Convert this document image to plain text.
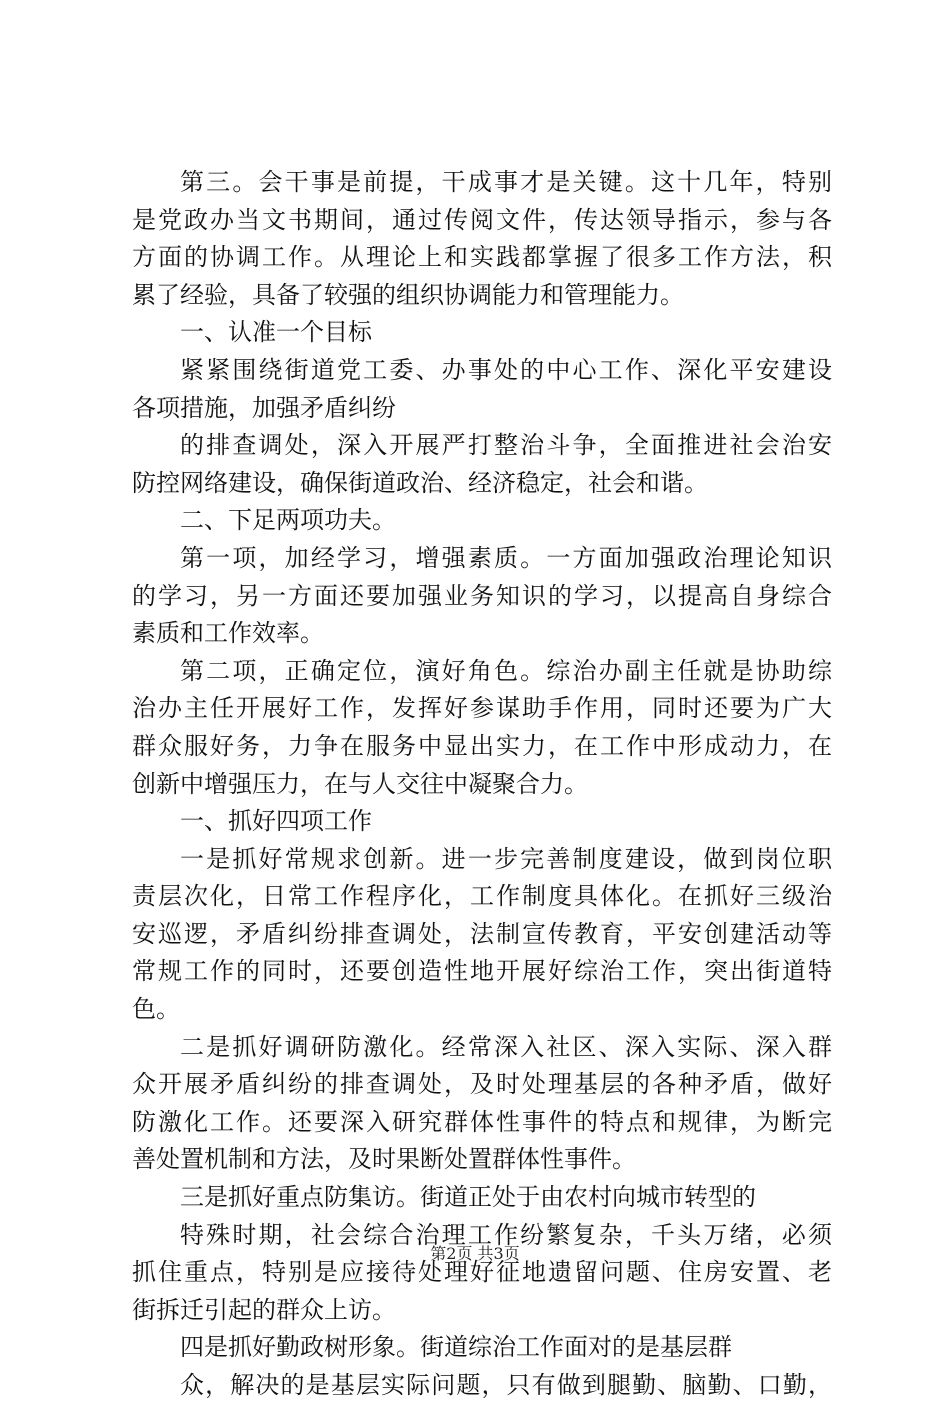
第三。会干事是前提，干成事才是关键。这十几年，特别
是党政办当文书期间，通过传阅文件，传达领导指示，参与各
方面的协调工作。从理论上和实践都掌握了很多工作方法，积
累了经验，具备了较强的组织协调能力和管理能力。
一、认准一个目标
紧紧围绕街道党工委、办事处的中心工作、深化平安建设
各项措施，加强矛盾纠纷
的排查调处，深入开展严打整治斗争，全面推进社会治安
防控网络建设，确保街道政治、经济稳定，社会和谐。
二、下足两项功夫。
第一项，加经学习，增强素质。一方面加强政治理论知识
的学习，另一方面还要加强业务知识的学习，以提高自身综合
素质和工作效率。
第二项，正确定位，演好角色。综治办副主任就是协助综
治办主任开展好工作，发挥好参谋助手作用，同时还要为广大
群众服好务，力争在服务中显出实力，在工作中形成动力，在
创新中增强压力，在与人交往中凝聚合力。
一、抓好四项工作
一是抓好常规求创新。进一步完善制度建设，做到岗位职
责层次化，日常工作程序化，工作制度具体化。在抓好三级治
安巡逻，矛盾纠纷排查调处，法制宣传教育，平安创建活动等
常规工作的同时，还要创造性地开展好综治工作，突出街道特
色。
二是抓好调研防激化。经常深入社区、深入实际、深入群
众开展矛盾纠纷的排查调处，及时处理基层的各种矛盾，做好
防激化工作。还要深入研究群体性事件的特点和规律，为断完
善处置机制和方法，及时果断处置群体性事件。
三是抓好重点防集访。街道正处于由农村向城市转型的
特殊时期，社会综合治理工作纷繁复杂，千头万绪，必须
抓住重点，特别是应接待处理好征地遗留问题、住房安置、老
街拆迁引起的群众上访。
四是抓好勤政树形象。街道综治工作面对的是基层群
众，解决的是基层实际问题，只有做到腿勤、脑勤、口勤，
第2页 共3页
